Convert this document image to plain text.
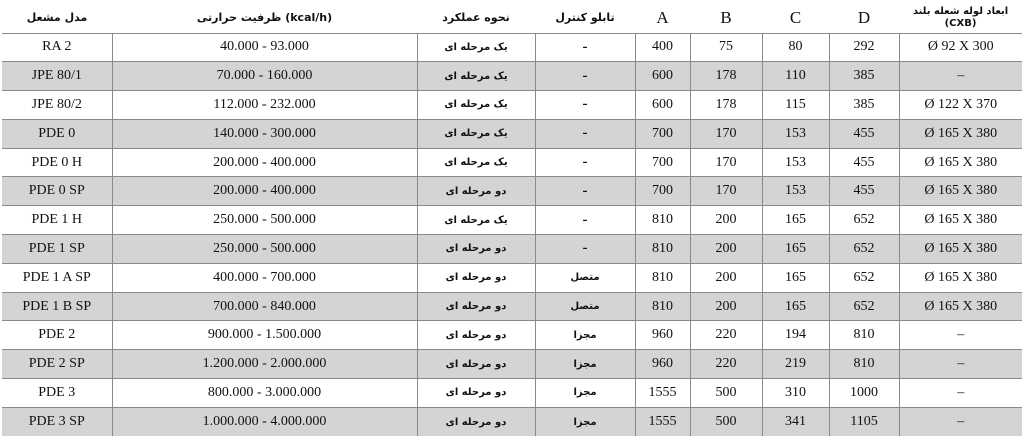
مدل مشعل	ظرفیت حرارتی (kcal/h)	نحوه عملکرد	تابلو کنترل	A	B	C	D	ابعاد لوله شعله بلند (CXB)
RA 2	40.000 - 93.000	یک مرحله ای	–	400	75	80	292	Ø 92 X 300
JPE 80/1	70.000 - 160.000	یک مرحله ای	–	600	178	110	385	–
JPE 80/2	112.000 - 232.000	یک مرحله ای	–	600	178	115	385	Ø 122 X 370
PDE 0	140.000 - 300.000	یک مرحله ای	–	700	170	153	455	Ø 165 X 380
PDE 0 H	200.000 - 400.000	یک مرحله ای	–	700	170	153	455	Ø 165 X 380
PDE 0 SP	200.000 - 400.000	دو مرحله ای	–	700	170	153	455	Ø 165 X 380
PDE 1 H	250.000 - 500.000	یک مرحله ای	–	810	200	165	652	Ø 165 X 380
PDE 1 SP	250.000 - 500.000	دو مرحله ای	–	810	200	165	652	Ø 165 X 380
PDE 1 A SP	400.000 - 700.000	دو مرحله ای	متصل	810	200	165	652	Ø 165 X 380
PDE 1 B SP	700.000 - 840.000	دو مرحله ای	متصل	810	200	165	652	Ø 165 X 380
PDE 2	900.000 - 1.500.000	دو مرحله ای	مجزا	960	220	194	810	–
PDE 2 SP	1.200.000 - 2.000.000	دو مرحله ای	مجزا	960	220	219	810	–
PDE 3	800.000 - 3.000.000	دو مرحله ای	مجزا	1555	500	310	1000	–
PDE 3 SP	1.000.000 - 4.000.000	دو مرحله ای	مجزا	1555	500	341	1105	–
